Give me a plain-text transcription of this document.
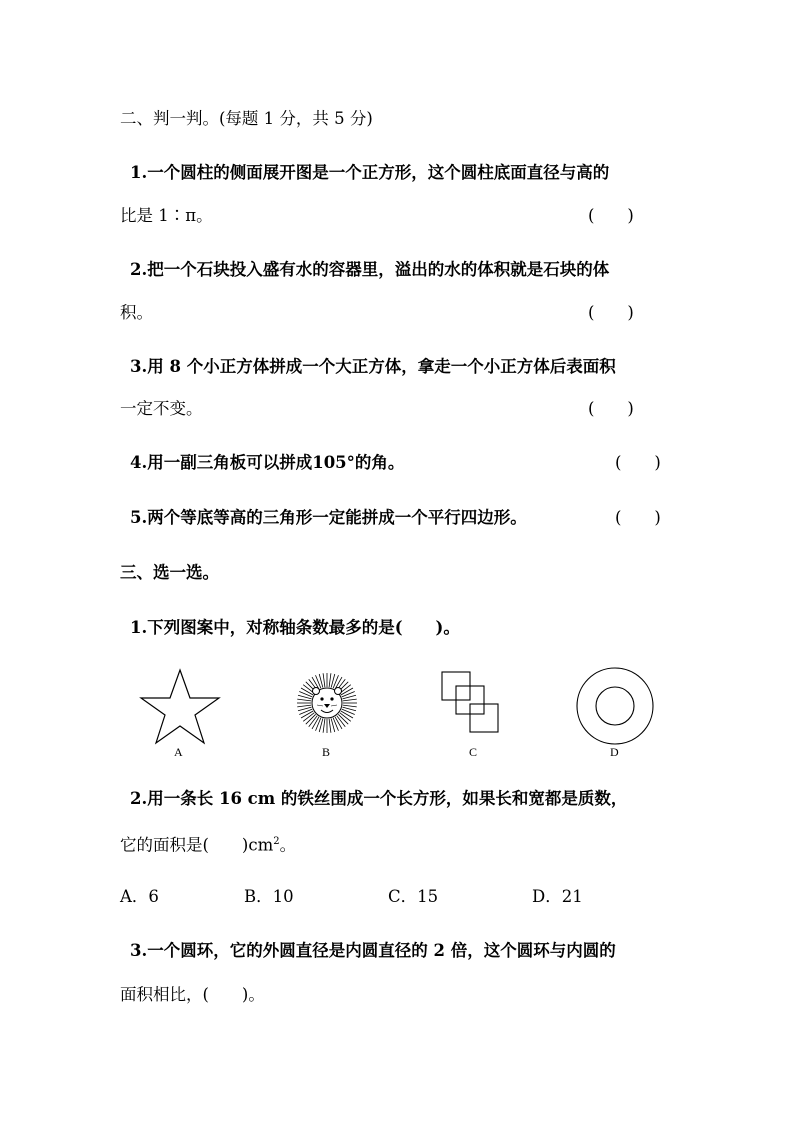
二、判一判。(每题 1 分，共 5 分)
1.一个圆柱的侧面展开图是一个正方形，这个圆柱底面直径与高的
比是 1∶π。	(　　)
2.把一个石块投入盛有水的容器里，溢出的水的体积就是石块的体
积。	(　　)
3.用 8 个小正方体拼成一个大正方体，拿走一个小正方体后表面积
一定不变。	(　　)
4.用一副三角板可以拼成105°的角。	(　　)
5.两个等底等高的三角形一定能拼成一个平行四边形。	(　　)
三、选一选。
1.下列图案中，对称轴条数最多的是(　　)。
A	B	C	D
2.用一条长 16 cm 的铁丝围成一个长方形，如果长和宽都是质数，
它的面积是(　　)$cm^2$。
A．6	B．10	C．15	D．21
3.一个圆环，它的外圆直径是内圆直径的 2 倍，这个圆环与内圆的
面积相比，(　　)。
